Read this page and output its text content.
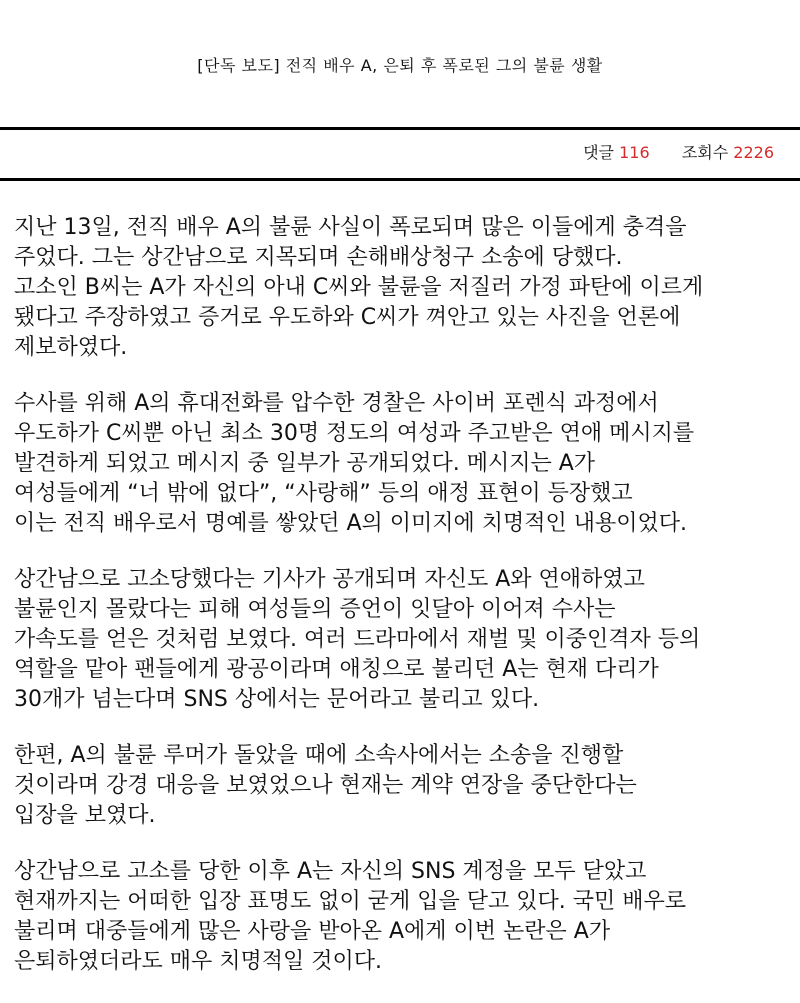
[단독 보도] 전직 배우 A, 은퇴 후 폭로된 그의 불륜 생활
댓글 116 조회수 2226
지난 13일, 전직 배우 A의 불륜 사실이 폭로되며 많은 이들에게 충격을
주었다. 그는 상간남으로 지목되며 손해배상청구 소송에 당했다.
고소인 B씨는 A가 자신의 아내 C씨와 불륜을 저질러 가정 파탄에 이르게
됐다고 주장하였고 증거로 우도하와 C씨가 껴안고 있는 사진을 언론에
제보하였다.
수사를 위해 A의 휴대전화를 압수한 경찰은 사이버 포렌식 과정에서
우도하가 C씨뿐 아닌 최소 30명 정도의 여성과 주고받은 연애 메시지를
발견하게 되었고 메시지 중 일부가 공개되었다. 메시지는 A가
여성들에게 “너 밖에 없다”, “사랑해” 등의 애정 표현이 등장했고
이는 전직 배우로서 명예를 쌓았던 A의 이미지에 치명적인 내용이었다.
상간남으로 고소당했다는 기사가 공개되며 자신도 A와 연애하였고
불륜인지 몰랐다는 피해 여성들의 증언이 잇달아 이어져 수사는
가속도를 얻은 것처럼 보였다. 여러 드라마에서 재벌 및 이중인격자 등의
역할을 맡아 팬들에게 광공이라며 애칭으로 불리던 A는 현재 다리가
30개가 넘는다며 SNS 상에서는 문어라고 불리고 있다.
한편, A의 불륜 루머가 돌았을 때에 소속사에서는 소송을 진행할
것이라며 강경 대응을 보였었으나 현재는 계약 연장을 중단한다는
입장을 보였다.
상간남으로 고소를 당한 이후 A는 자신의 SNS 계정을 모두 닫았고
현재까지는 어떠한 입장 표명도 없이 굳게 입을 닫고 있다. 국민 배우로
불리며 대중들에게 많은 사랑을 받아온 A에게 이번 논란은 A가
은퇴하였더라도 매우 치명적일 것이다.
